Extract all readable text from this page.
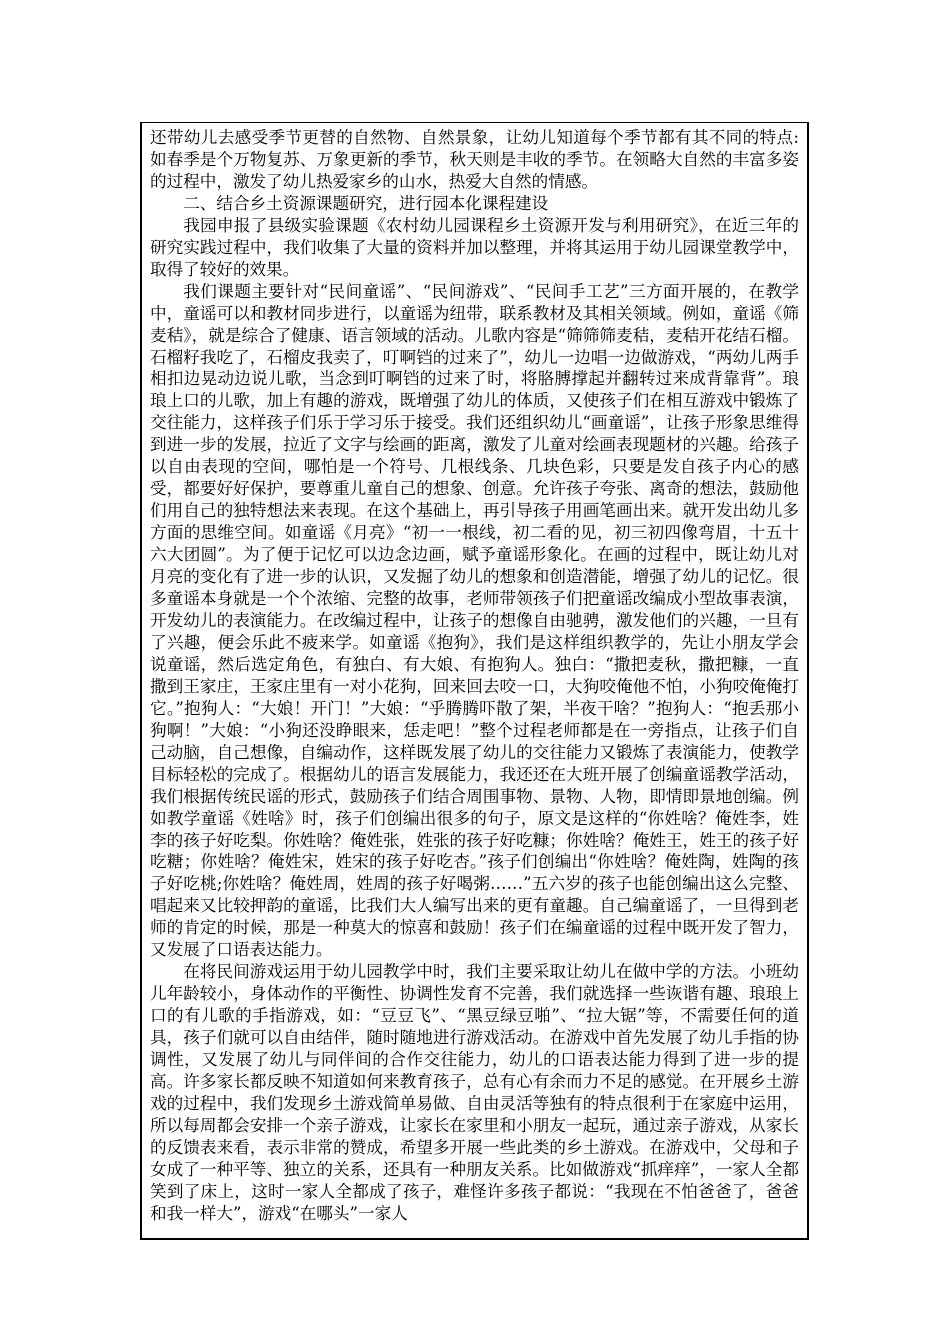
还带幼儿去感受季节更替的自然物、自然景象，让幼儿知道每个季节都有其不同的特点:如春季是个万物复苏、万象更新的季节，秋天则是丰收的季节。在领略大自然的丰富多姿的过程中，激发了幼儿热爱家乡的山水，热爱大自然的情感。

二、结合乡土资源课题研究，进行园本化课程建设

我园申报了县级实验课题《农村幼儿园课程乡土资源开发与利用研究》，在近三年的研究实践过程中，我们收集了大量的资料并加以整理，并将其运用于幼儿园课堂教学中，取得了较好的效果。

我们课题主要针对“民间童谣”、“民间游戏”、“民间手工艺”三方面开展的，在教学中，童谣可以和教材同步进行，以童谣为纽带，联系教材及其相关领域。例如，童谣《筛麦秸》，就是综合了健康、语言领域的活动。儿歌内容是“筛筛筛麦秸，麦秸开花结石榴。石榴籽我吃了，石榴皮我卖了，叮啊铛的过来了”，幼儿一边唱一边做游戏，“两幼儿两手相扣边晃动边说儿歌，当念到叮啊铛的过来了时，将胳膊撑起并翻转过来成背靠背”。琅琅上口的儿歌，加上有趣的游戏，既增强了幼儿的体质，又使孩子们在相互游戏中锻炼了交往能力，这样孩子们乐于学习乐于接受。我们还组织幼儿“画童谣”，让孩子形象思维得到进一步的发展，拉近了文字与绘画的距离，激发了儿童对绘画表现题材的兴趣。给孩子以自由表现的空间，哪怕是一个符号、几根线条、几块色彩，只要是发自孩子内心的感受，都要好好保护，要尊重儿童自己的想象、创意。允许孩子夸张、离奇的想法，鼓励他们用自己的独特想法来表现。在这个基础上，再引导孩子用画笔画出来。就开发出幼儿多方面的思维空间。如童谣《月亮》“初一一根线，初二看的见，初三初四像弯眉，十五十六大团圆”。为了便于记忆可以边念边画，赋予童谣形象化。在画的过程中，既让幼儿对月亮的变化有了进一步的认识，又发掘了幼儿的想象和创造潜能，增强了幼儿的记忆。很多童谣本身就是一个个浓缩、完整的故事，老师带领孩子们把童谣改编成小型故事表演，开发幼儿的表演能力。在改编过程中，让孩子的想像自由驰骋，激发他们的兴趣，一旦有了兴趣，便会乐此不疲来学。如童谣《抱狗》，我们是这样组织教学的，先让小朋友学会说童谣，然后选定角色，有独白、有大娘、有抱狗人。独白：“撒把麦秋，撒把糠，一直撒到王家庄，王家庄里有一对小花狗，回来回去咬一口，大狗咬俺他不怕，小狗咬俺俺打它。”抱狗人：“大娘！开门！”大娘：“乎腾腾吓散了架，半夜干啥？”抱狗人：“抱丢那小狗啊！”大娘：“小狗还没睁眼来，恁走吧！”整个过程老师都是在一旁指点，让孩子们自己动脑，自己想像，自编动作，这样既发展了幼儿的交往能力又锻炼了表演能力，使教学目标轻松的完成了。根据幼儿的语言发展能力，我还还在大班开展了创编童谣教学活动，我们根据传统民谣的形式，鼓励孩子们结合周围事物、景物、人物，即情即景地创编。例如教学童谣《姓啥》时，孩子们创编出很多的句子，原文是这样的“你姓啥？俺姓李，姓李的孩子好吃梨。你姓啥？俺姓张，姓张的孩子好吃糠；你姓啥？俺姓王，姓王的孩子好吃糖；你姓啥？俺姓宋，姓宋的孩子好吃杏。”孩子们创编出“你姓啥？俺姓陶，姓陶的孩子好吃桃;你姓啥？俺姓周，姓周的孩子好喝粥……”五六岁的孩子也能创编出这么完整、唱起来又比较押韵的童谣，比我们大人编写出来的更有童趣。自己编童谣了，一旦得到老师的肯定的时候，那是一种莫大的惊喜和鼓励！孩子们在编童谣的过程中既开发了智力，又发展了口语表达能力。

在将民间游戏运用于幼儿园教学中时，我们主要采取让幼儿在做中学的方法。小班幼儿年龄较小，身体动作的平衡性、协调性发育不完善，我们就选择一些诙谐有趣、琅琅上口的有儿歌的手指游戏，如：“豆豆飞”、“黑豆绿豆啪”、“拉大锯”等，不需要任何的道具，孩子们就可以自由结伴，随时随地进行游戏活动。在游戏中首先发展了幼儿手指的协调性，又发展了幼儿与同伴间的合作交往能力，幼儿的口语表达能力得到了进一步的提高。许多家长都反映不知道如何来教育孩子，总有心有余而力不足的感觉。在开展乡土游戏的过程中，我们发现乡土游戏简单易做、自由灵活等独有的特点很利于在家庭中运用，所以每周都会安排一个亲子游戏，让家长在家里和小朋友一起玩，通过亲子游戏，从家长的反馈表来看，表示非常的赞成，希望多开展一些此类的乡土游戏。在游戏中，父母和子女成了一种平等、独立的关系，还具有一种朋友关系。比如做游戏“抓痒痒”，一家人全都笑到了床上，这时一家人全都成了孩子，难怪许多孩子都说：“我现在不怕爸爸了，爸爸和我一样大”，游戏“在哪头”一家人
